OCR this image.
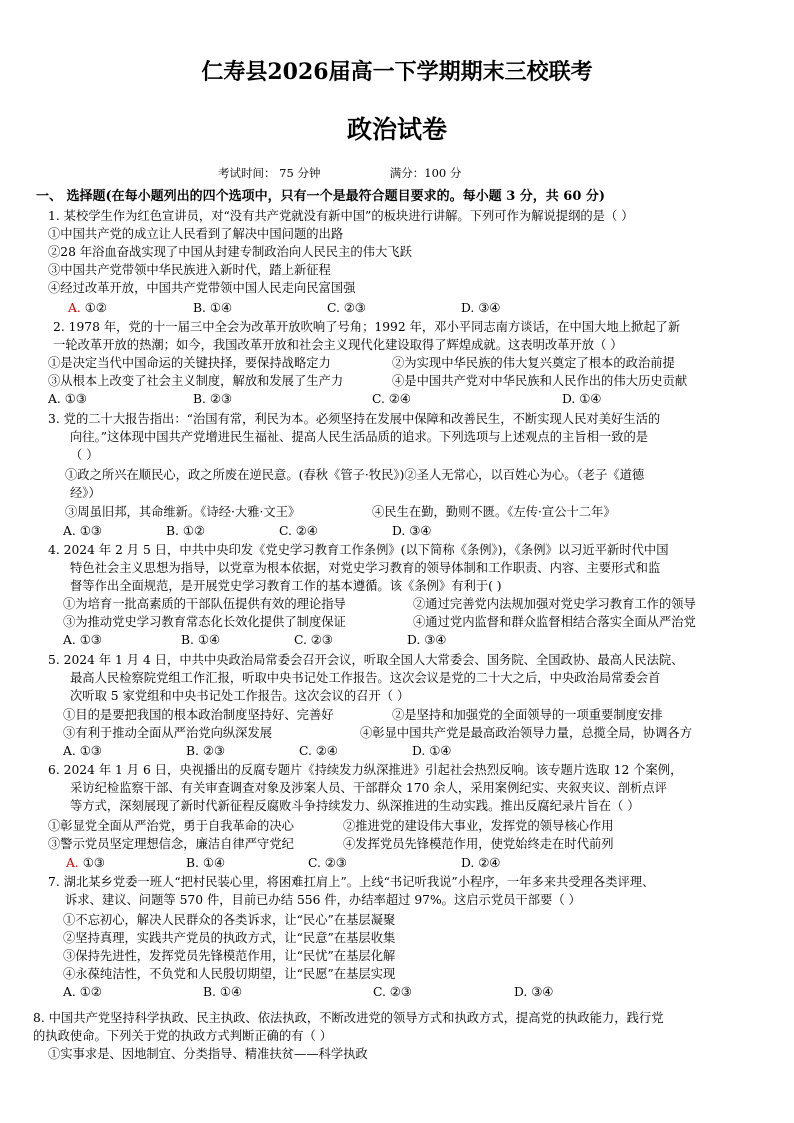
仁寿县2026届高一下学期期末三校联考
政治试卷
考试时间： 75 分钟	满分：100 分
一、 选择题(在每小题列出的四个选项中，只有一个是最符合题目要求的。每小题 3 分，共 60 分)
1. 某校学生作为红色宣讲员，对“没有共产党就没有新中国”的板块进行讲解。下列可作为解说提纲的是（ ）
①中国共产党的成立让人民看到了解决中国问题的出路
②28 年浴血奋战实现了中国从封建专制政治向人民民主的伟大飞跃
③中国共产党带领中华民族进入新时代，踏上新征程
④经过改革开放，中国共产党带领中国人民走向民富国强
A. ①②	B. ①④	C. ②③	D. ③④
2. 1978 年，党的十一届三中全会为改革开放吹响了号角；1992 年，邓小平同志南方谈话，在中国大地上掀起了新
一轮改革开放的热潮；如今，我国改革开放和社会主义现代化建设取得了辉煌成就。这表明改革开放（ ）
①是决定当代中国命运的关键抉择，要保持战略定力	②为实现中华民族的伟大复兴奠定了根本的政治前提
③从根本上改变了社会主义制度，解放和发展了生产力	④是中国共产党对中华民族和人民作出的伟大历史贡献
A. ①③	B. ②③	C. ②④	D. ①④
3. 党的二十大报告指出：“治国有常，利民为本。必须坚持在发展中保障和改善民生，不断实现人民对美好生活的
向往。”这体现中国共产党增进民生福祉、提高人民生活品质的追求。下列选项与上述观点的主旨相一致的是
（ ）
①政之所兴在顺民心，政之所废在逆民意。(春秋《管子·牧民》)②圣人无常心，以百姓心为心。（老子《道德
经》）
③周虽旧邦，其命维新。《诗经·大雅·文王》	④民生在勤，勤则不匮。《左传·宣公十二年》
A. ①③	B. ①②	C. ②④	D. ③④
4. 2024 年 2 月 5 日，中共中央印发《党史学习教育工作条例》(以下简称《条例》)，《条例》以习近平新时代中国
特色社会主义思想为指导，以党章为根本依据，对党史学习教育的领导体制和工作职责、内容、主要形式和监
督等作出全面规范，是开展党史学习教育工作的基本遵循。该《条例》有利于( )
①为培育一批高素质的干部队伍提供有效的理论指导	②通过完善党内法规加强对党史学习教育工作的领导
③为推动党史学习教育常态化长效化提供了制度保证	④通过党内监督和群众监督相结合落实全面从严治党
A. ①③	B. ①④	C. ②③	D. ③④
5. 2024 年 1 月 4 日，中共中央政治局常委会召开会议，听取全国人大常委会、国务院、全国政协、最高人民法院、
最高人民检察院党组工作汇报，听取中央书记处工作报告。这次会议是党的二十大之后，中央政治局常委会首
次听取 5 家党组和中央书记处工作报告。这次会议的召开（ ）
①目的是要把我国的根本政治制度坚持好、完善好	②是坚持和加强党的全面领导的一项重要制度安排
③有利于推动全面从严治党向纵深发展	④彰显中国共产党是最高政治领导力量，总揽全局，协调各方
A. ①③	B. ②③	C. ②④	D. ①④
6. 2024 年 1 月 6 日，央视播出的反腐专题片《持续发力纵深推进》引起社会热烈反响。该专题片选取 12 个案例，
采访纪检监察干部、有关审查调查对象及涉案人员、干部群众 170 余人，采用案例纪实、夹叙夹议、剖析点评
等方式，深刻展现了新时代新征程反腐败斗争持续发力、纵深推进的生动实践。推出反腐纪录片旨在（ ）
①彰显党全面从严治党，勇于自我革命的决心	②推进党的建设伟大事业，发挥党的领导核心作用
③警示党员坚定理想信念，廉洁自律严守党纪	④发挥党员先锋模范作用，使党始终走在时代前列
A. ①③	B. ①④	C. ②③	D. ②④
7. 湖北某乡党委一班人“把村民装心里，将困难扛肩上”。上线“书记听我说”小程序，一年多来共受理各类评理、
诉求、建议、问题等 570 件，目前已办结 556 件，办结率超过 97%。这启示党员干部要（ ）
①不忘初心，解决人民群众的各类诉求，让“民心”在基层凝聚
②坚持真理，实践共产党员的执政方式，让“民意”在基层收集
③保持先进性，发挥党员先锋模范作用，让“民忧”在基层化解
④永葆纯洁性，不负党和人民殷切期望，让“民愿”在基层实现
A. ①②	B. ①④	C. ②③	D. ③④
8. 中国共产党坚持科学执政、民主执政、依法执政，不断改进党的领导方式和执政方式，提高党的执政能力，践行党
的执政使命。下列关于党的执政方式判断正确的有（ ）
①实事求是、因地制宜、分类指导、精准扶贫——科学执政
